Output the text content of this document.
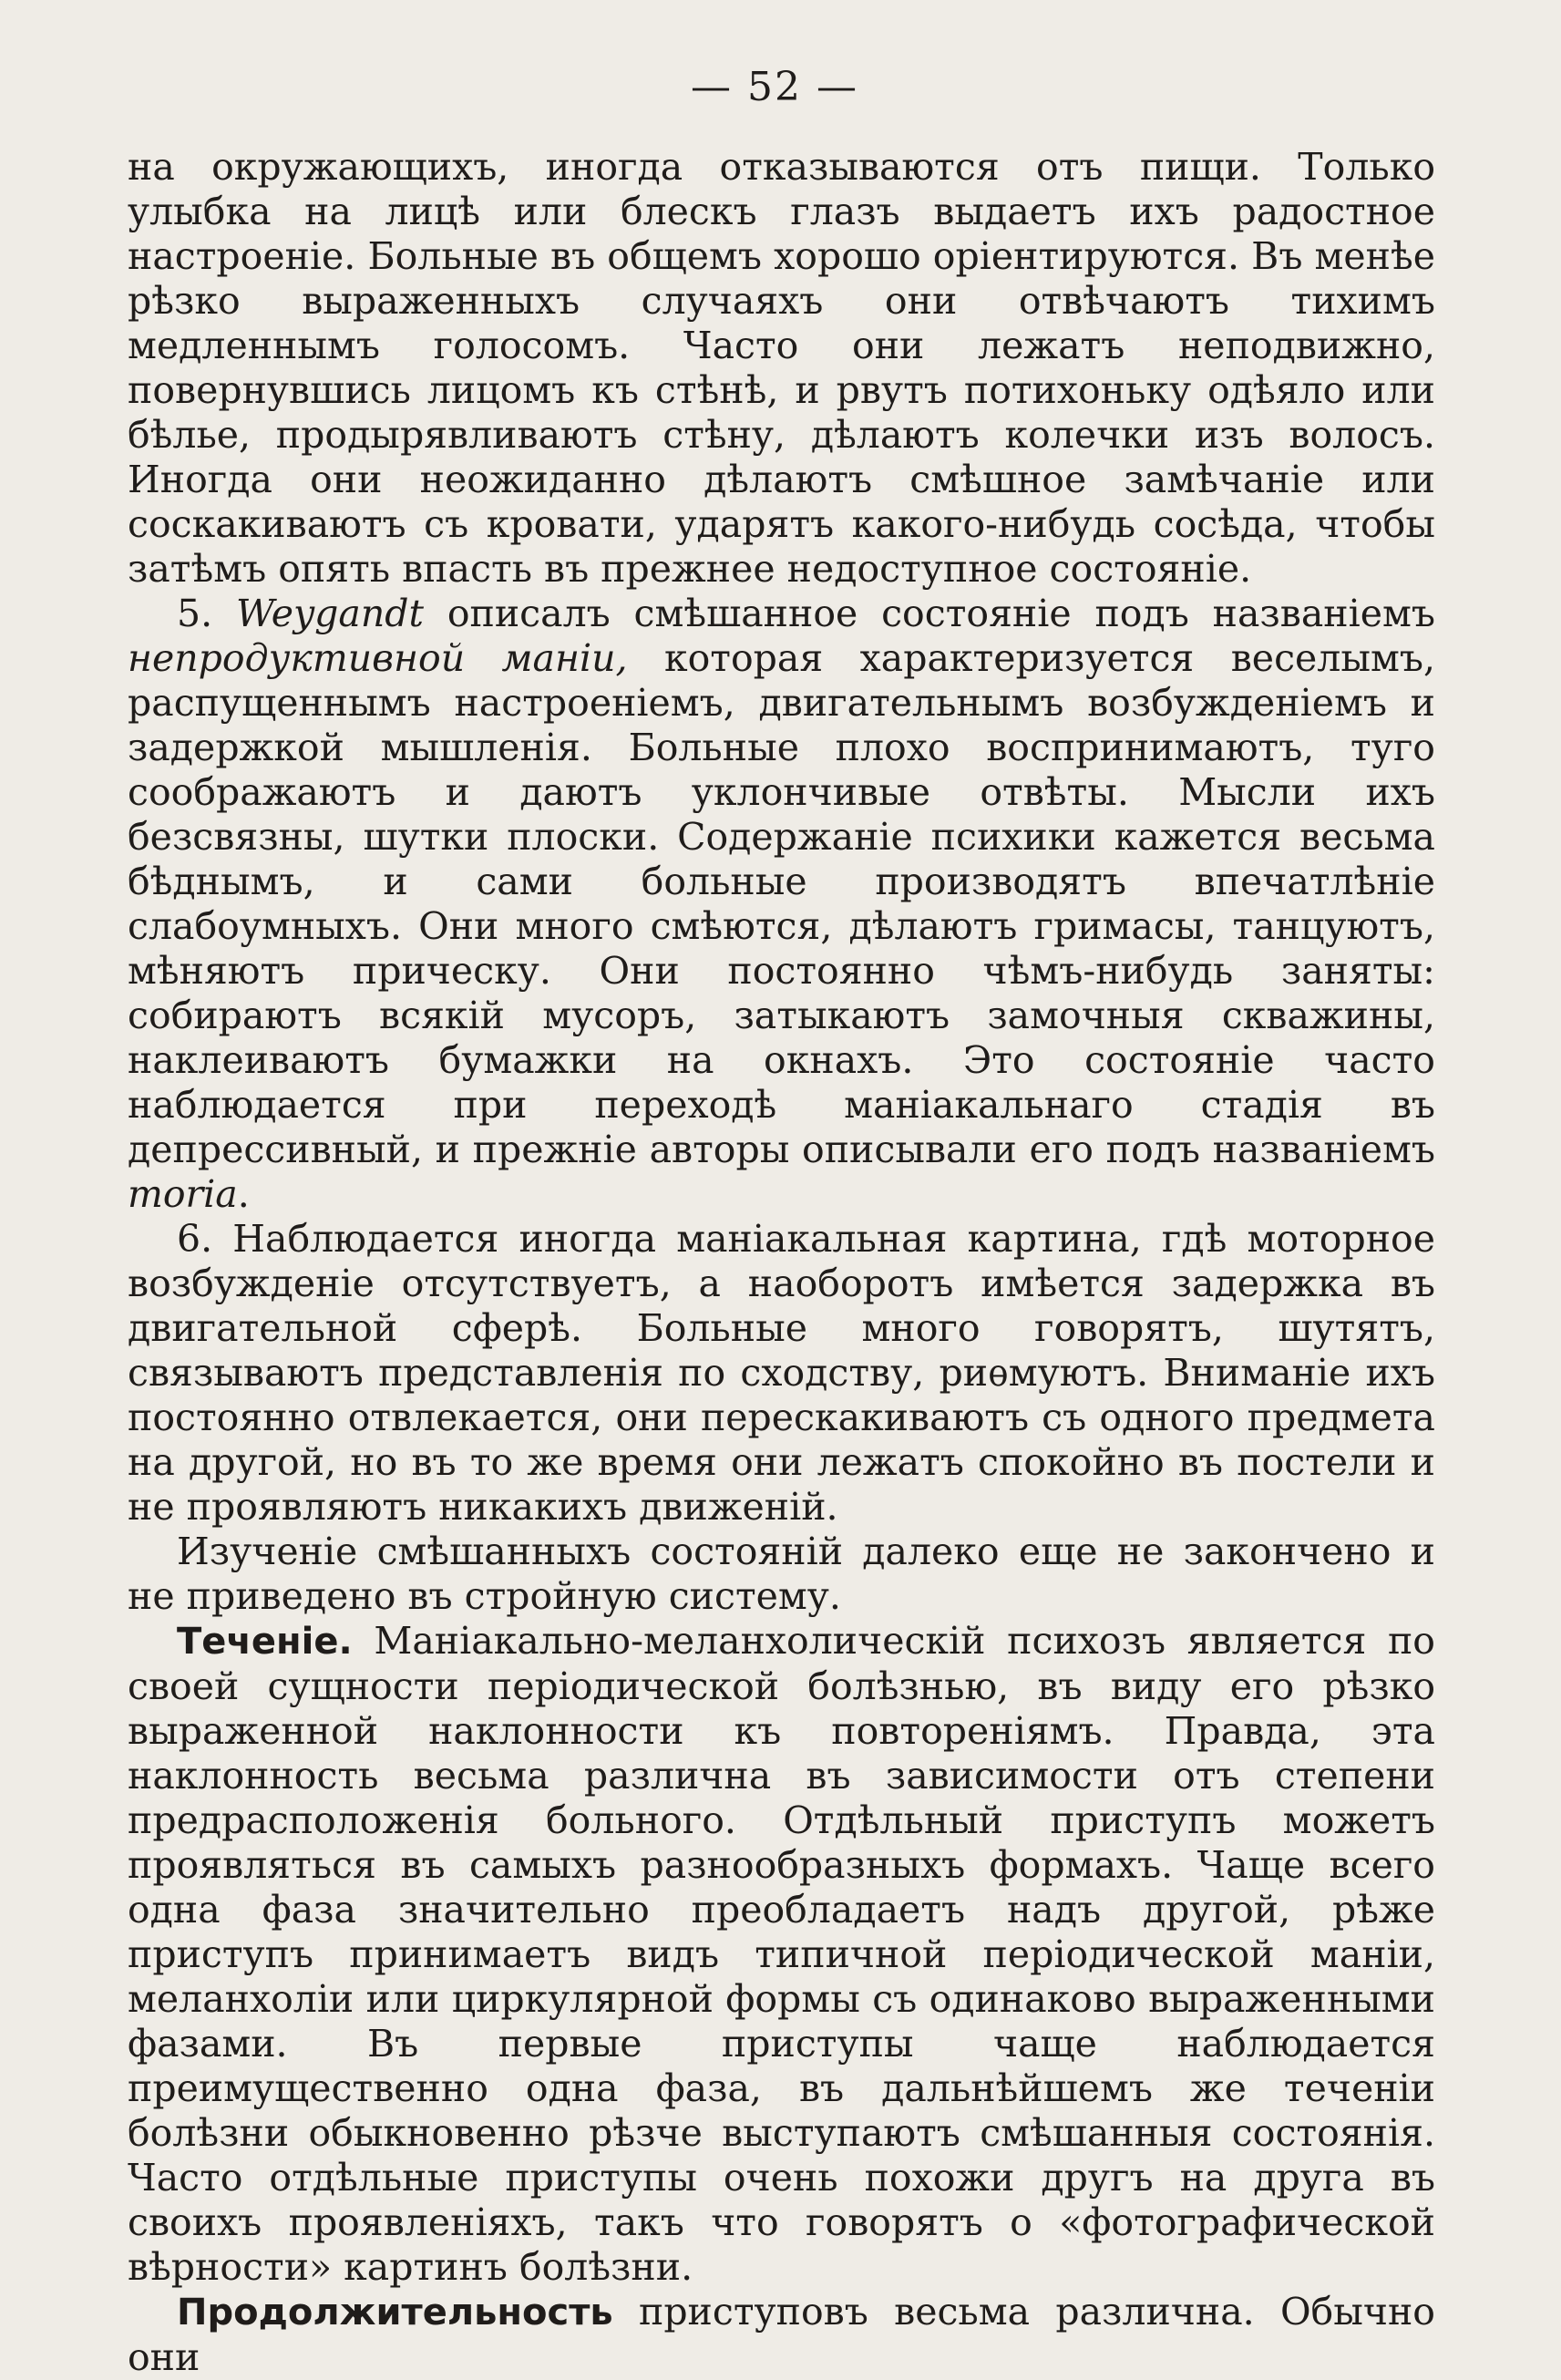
— 52 —

на окружающихъ, иногда отказываются отъ пищи. Только улыбка на лицѣ или блескъ глазъ выдаетъ ихъ радостное настроеніе. Больные въ общемъ хорошо оріентируются. Въ менѣе рѣзко выраженныхъ случаяхъ они отвѣчаютъ тихимъ медленнымъ голосомъ. Часто они лежатъ неподвижно, повернувшись лицомъ къ стѣнѣ, и рвутъ потихоньку одѣяло или бѣлье, продырявливаютъ стѣну, дѣлаютъ колечки изъ волосъ. Иногда они неожиданно дѣлаютъ смѣшное замѣчаніе или соскакиваютъ съ кровати, ударятъ какого-нибудь сосѣда, чтобы затѣмъ опять впасть въ прежнее недоступное состояніе.

5. Weygandt описалъ смѣшанное состояніе подъ названіемъ непродуктивной маніи, которая характеризуется веселымъ, распущеннымъ настроеніемъ, двигательнымъ возбужденіемъ и задержкой мышленія. Больные плохо воспринимаютъ, туго соображаютъ и даютъ уклончивые отвѣты. Мысли ихъ безсвязны, шутки плоски. Содержаніе психики кажется весьма бѣднымъ, и сами больные производятъ впечатлѣніе слабоумныхъ. Они много смѣются, дѣлаютъ гримасы, танцуютъ, мѣняютъ прическу. Они постоянно чѣмъ-нибудь заняты: собираютъ всякій мусоръ, затыкаютъ замочныя скважины, наклеиваютъ бумажки на окнахъ. Это состояніе часто наблюдается при переходѣ маніакальнаго стадія въ депрессивный, и прежніе авторы описывали его подъ названіемъ moria.

6. Наблюдается иногда маніакальная картина, гдѣ моторное возбужденіе отсутствуетъ, а наоборотъ имѣется задержка въ двигательной сферѣ. Больные много говорятъ, шутятъ, связываютъ представленія по сходству, риѳмуютъ. Вниманіе ихъ постоянно отвлекается, они перескакиваютъ съ одного предмета на другой, но въ то же время они лежатъ спокойно въ постели и не проявляютъ никакихъ движеній.

Изученіе смѣшанныхъ состояній далеко еще не закончено и не приведено въ стройную систему.

Теченіе. Маніакально-меланхолическій психозъ является по своей сущности періодической болѣзнью, въ виду его рѣзко выраженной наклонности къ повтореніямъ. Правда, эта наклонность весьма различна въ зависимости отъ степени предрасположенія больного. Отдѣльный приступъ можетъ проявляться въ самыхъ разнообразныхъ формахъ. Чаще всего одна фаза значительно преобладаетъ надъ другой, рѣже приступъ принимаетъ видъ типичной періодической маніи, меланхоліи или циркулярной формы съ одинаково выраженными фазами. Въ первые приступы чаще наблюдается преимущественно одна фаза, въ дальнѣйшемъ же теченіи болѣзни обыкновенно рѣзче выступаютъ смѣшанныя состоянія. Часто отдѣльные приступы очень похожи другъ на друга въ своихъ проявленіяхъ, такъ что говорятъ о «фотографической вѣрности» картинъ болѣзни.

Продолжительность приступовъ весьма различна. Обычно они
